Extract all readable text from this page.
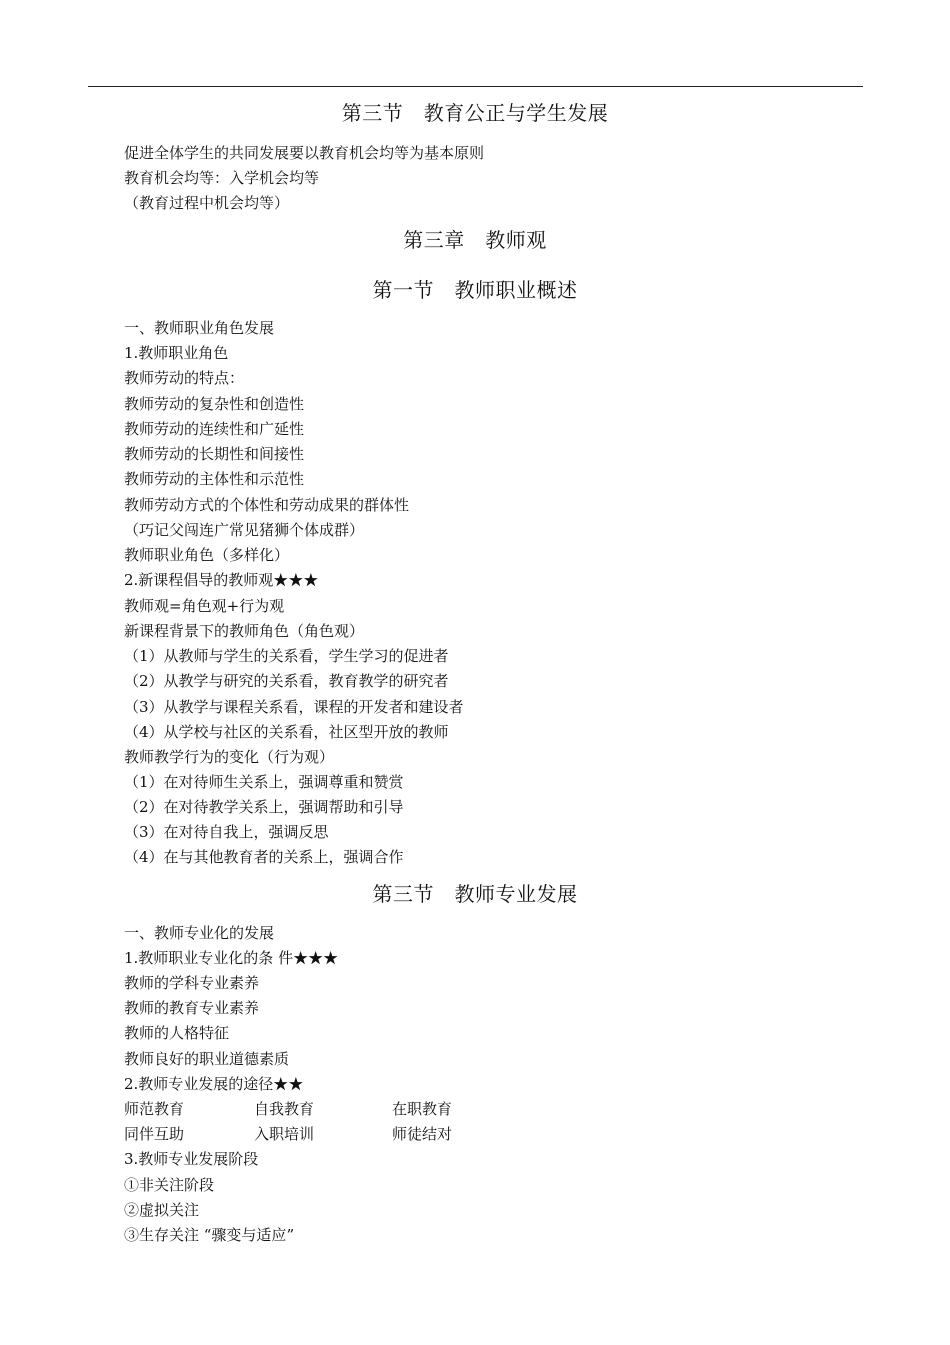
第三节　教育公正与学生发展
促进全体学生的共同发展要以教育机会均等为基本原则
教育机会均等：入学机会均等
（教育过程中机会均等）
第三章　教师观
第一节　教师职业概述
一、教师职业角色发展
1.教师职业角色
教师劳动的特点：
教师劳动的复杂性和创造性
教师劳动的连续性和广延性
教师劳动的长期性和间接性
教师劳动的主体性和示范性
教师劳动方式的个体性和劳动成果的群体性
（巧记父闯连广常见猪狮个体成群）
教师职业角色（多样化）
2.新课程倡导的教师观★★★
教师观=角色观+行为观
新课程背景下的教师角色（角色观）
（1）从教师与学生的关系看，学生学习的促进者
（2）从教学与研究的关系看，教育教学的研究者
（3）从教学与课程关系看，课程的开发者和建设者
（4）从学校与社区的关系看，社区型开放的教师
教师教学行为的变化（行为观）
（1）在对待师生关系上，强调尊重和赞赏
（2）在对待教学关系上，强调帮助和引导
（3）在对待自我上，强调反思
（4）在与其他教育者的关系上，强调合作
第三节　教师专业发展
一、教师专业化的发展
1.教师职业专业化的条 件★★★
教师的学科专业素养
教师的教育专业素养
教师的人格特征
教师良好的职业道德素质
2.教师专业发展的途径★★
师范教育	自我教育	在职教育
同伴互助	入职培训	师徒结对
3.教师专业发展阶段
①非关注阶段
②虚拟关注
③生存关注 “骤变与适应”
